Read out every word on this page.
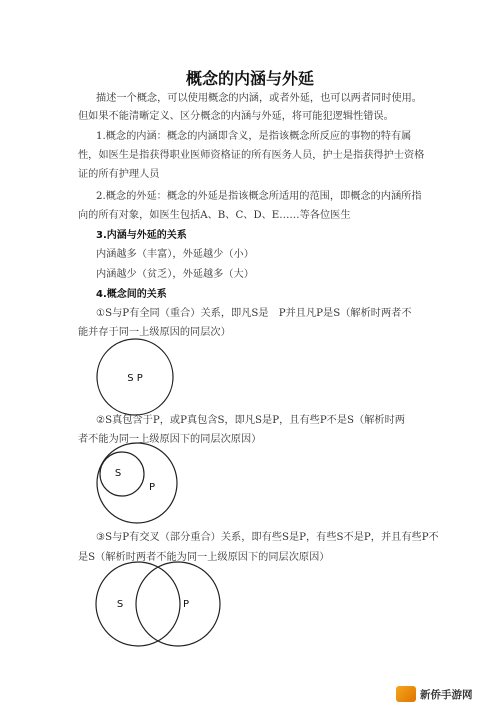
概念的内涵与外延
描述一个概念，可以使用概念的内涵，或者外延，也可以两者同时使用。
但如果不能清晰定义、区分概念的内涵与外延，将可能犯逻辑性错误。
1.概念的内涵：概念的内涵即含义，是指该概念所反应的事物的特有属
性，如医生是指获得职业医师资格证的所有医务人员，护士是指获得护士资格
证的所有护理人员
2.概念的外延：概念的外延是指该概念所适用的范围，即概念的内涵所指
向的所有对象，如医生包括A、B、C、D、E……等各位医生
3.内涵与外延的关系
内涵越多（丰富），外延越少（小）
内涵越少（贫乏），外延越多（大）
4.概念间的关系
①S与P有全同（重合）关系，即凡S是　P并且凡P是S（解析时两者不
能并存于同一上级原因的同层次）
S P
S
P
S	P
②S真包含于P，或P真包含S，即凡S是P，且有些P不是S（解析时两
者不能为同一上级原因下的同层次原因）
③S与P有交叉（部分重合）关系，即有些S是P，有些S不是P，并且有些P不
是S（解析时两者不能为同一上级原因下的同层次原因）
新侨手游网
